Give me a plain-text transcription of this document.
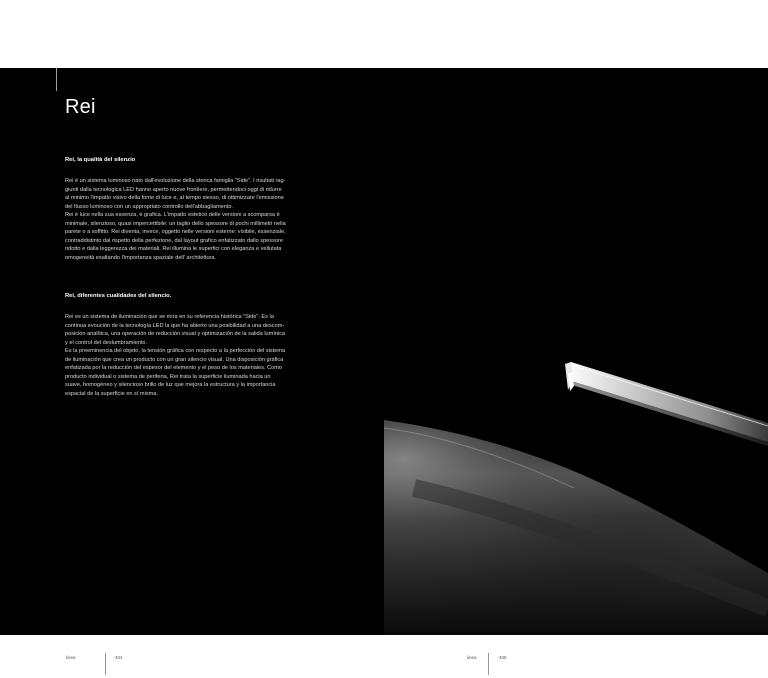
Rei
Rei, la qualità del silenzio

Rei è un sistema luminoso nato dall'evoluzione della storica famiglia "Side". I risultati rag-
giunti dalla tecnologica LED hanno aperto nuove frontiere, permettendoci oggi di ridurre
al minimo l'impatto visivo della fonte di luce e, al tempo stesso, di ottimizzare l'emissione
del flusso luminoso con un appropriato controllo dell'abbagliamento.
Rei è luce nella sua essenza, è grafica. L'impatto estetico delle versioni a scomparsa è
minimale, silenzioso, quasi impercettibile: un taglio dello spessore di pochi millimetri nella
parete o a soffitto. Rei diventa, invece, oggetto nelle versioni esterne: visibile, essenziale,
contraddistinto dal rispetto della perfezione, dal layout grafico enfatizzato dallo spessore
ridotto e dalla leggerezza dei materiali. Rei illumina le superfici con eleganza e vellutata
omogeneità esaltando l'importanza spaziale dell' architettura.

Rei, diferentes cualidades del silencio.

Rei es un sistema de iluminación que se mira en su referencia histórica "Side". Es la
continua evoución de la tecnología LED la que ha abierto una posibilidad a una descom-
posición analítica, una operación de reducción visual y optimización de la salida lumínica
y el control del deslumbramiento.
Es la preeminencia del objeto, la tensión gráfica con respecto a la perfección del sistema
de iluminación que crea un producto con un gran silencio visual. Una disposición gráfica
enfatizada por la reducción del espesor del elemento y el peso de los materiales. Como
producto individual o sistema de periferia, Rei trata la superficie iluminada hacia un
suave, homogéneo y silencioso brillo de luz que mejora la estructura y la importancia
espacial de la superficie en sí misma.

linea	404	linea	405
